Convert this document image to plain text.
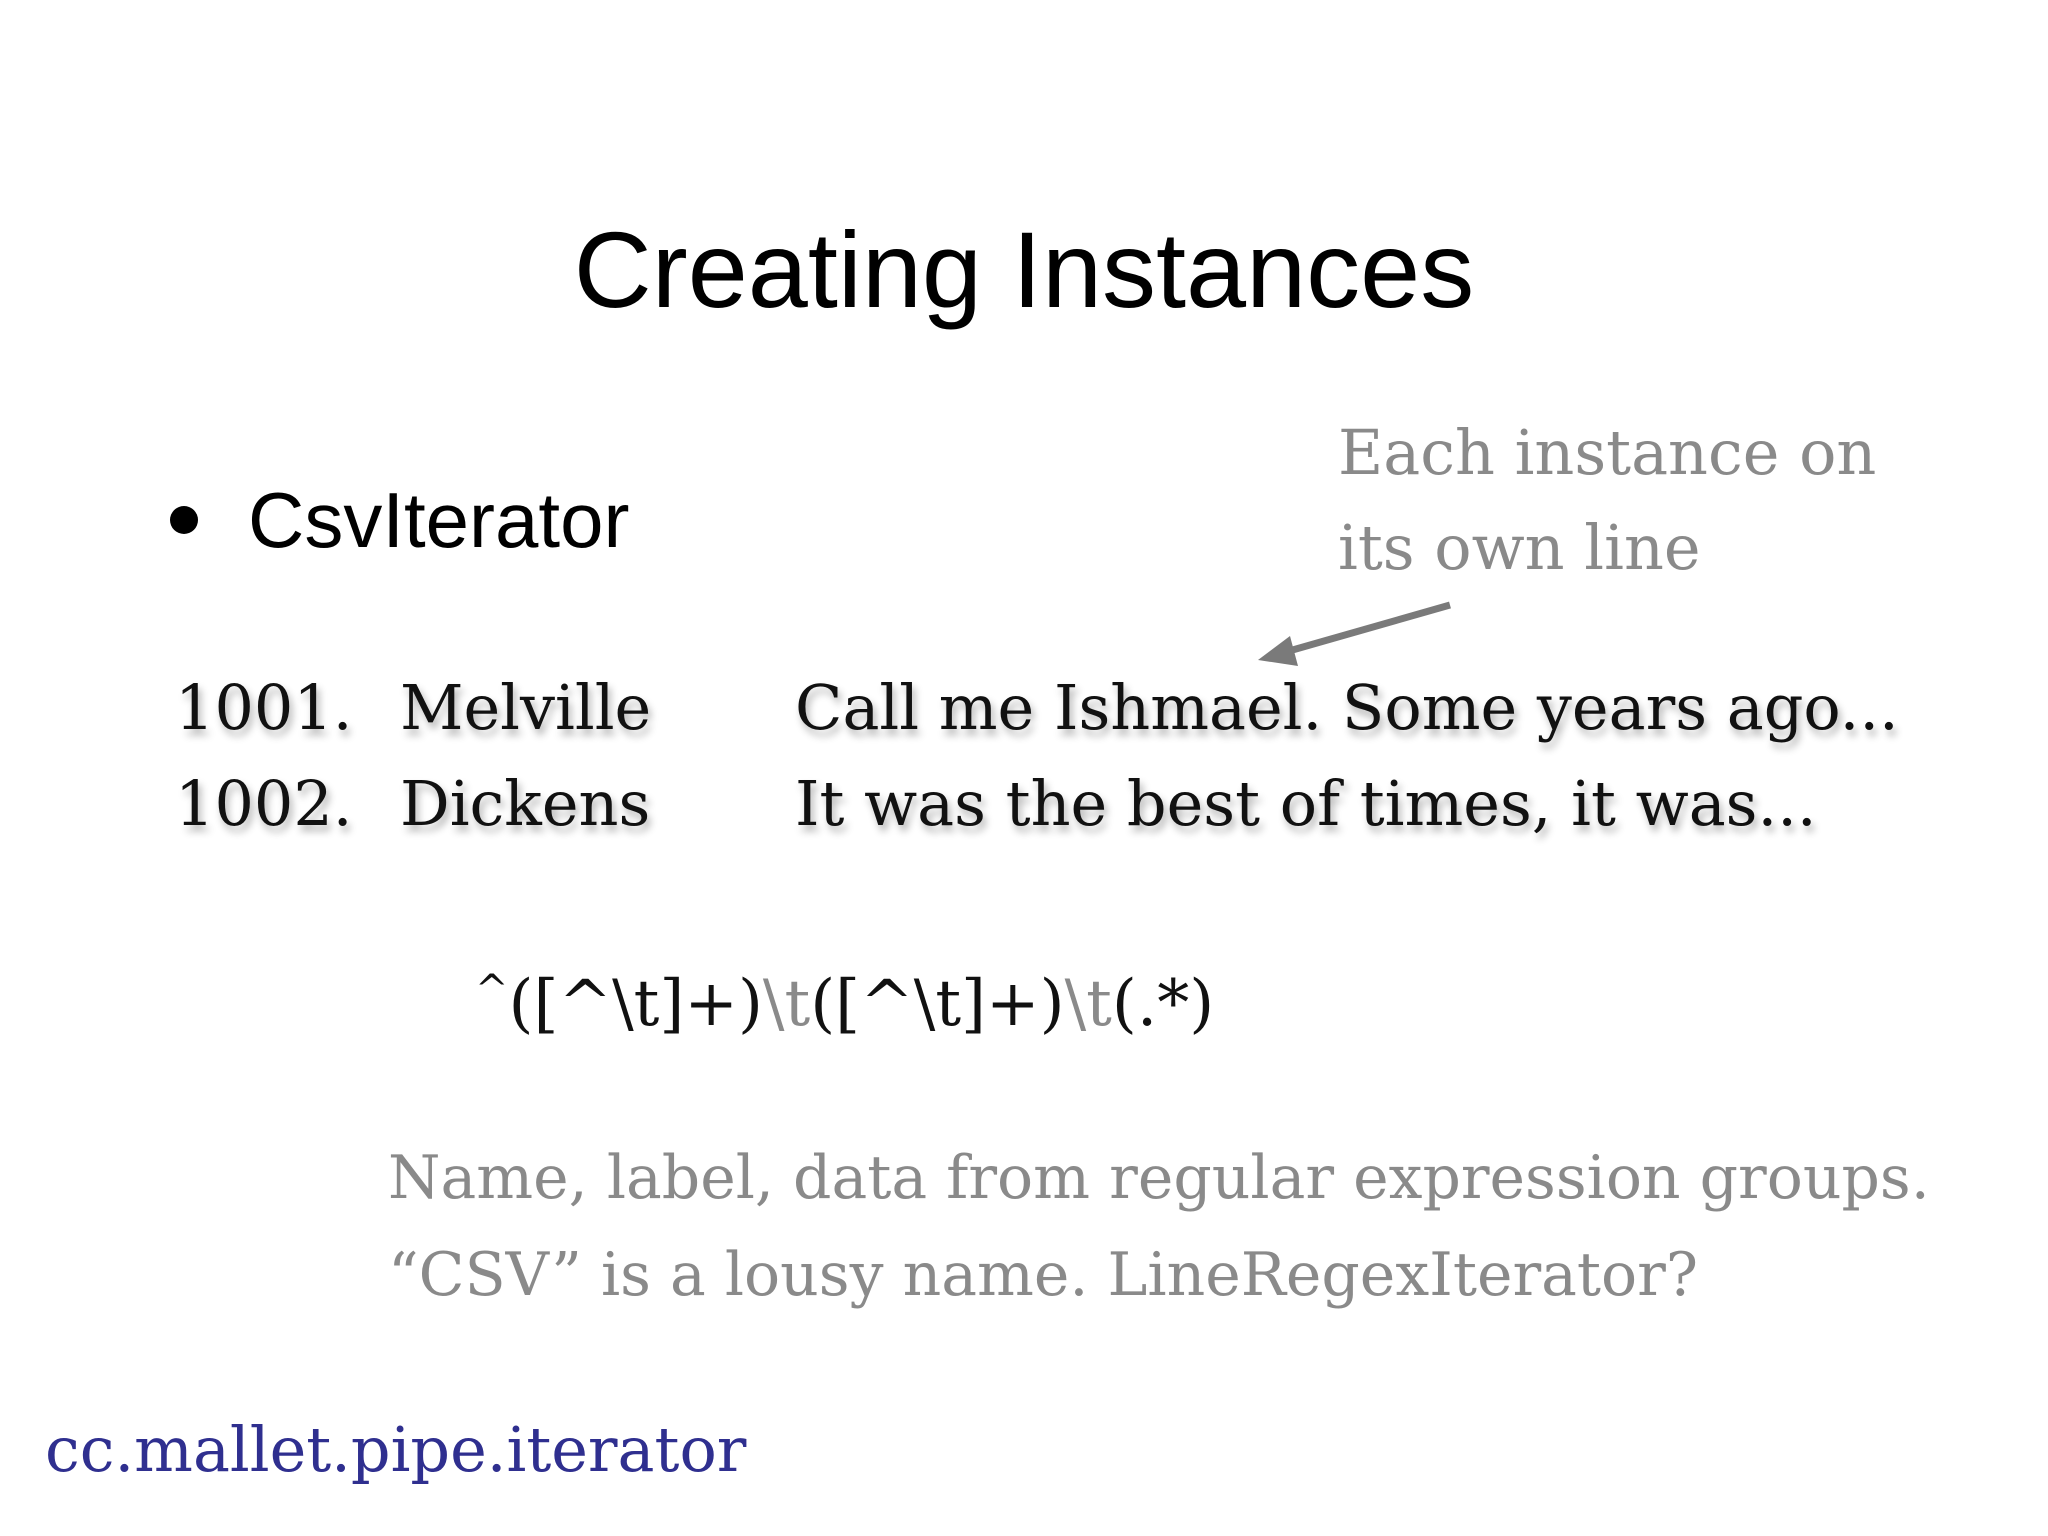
Creating Instances
CsvIterator
Each instance on
its own line
1001. Melville Call me Ishmael. Some years ago...
1002. Dickens It was the best of times, it was...
^([^\t]+)\t([^\t]+)\t(.*)
Name, label, data from regular expression groups.
“CSV” is a lousy name. LineRegexIterator?
cc.mallet.pipe.iterator
